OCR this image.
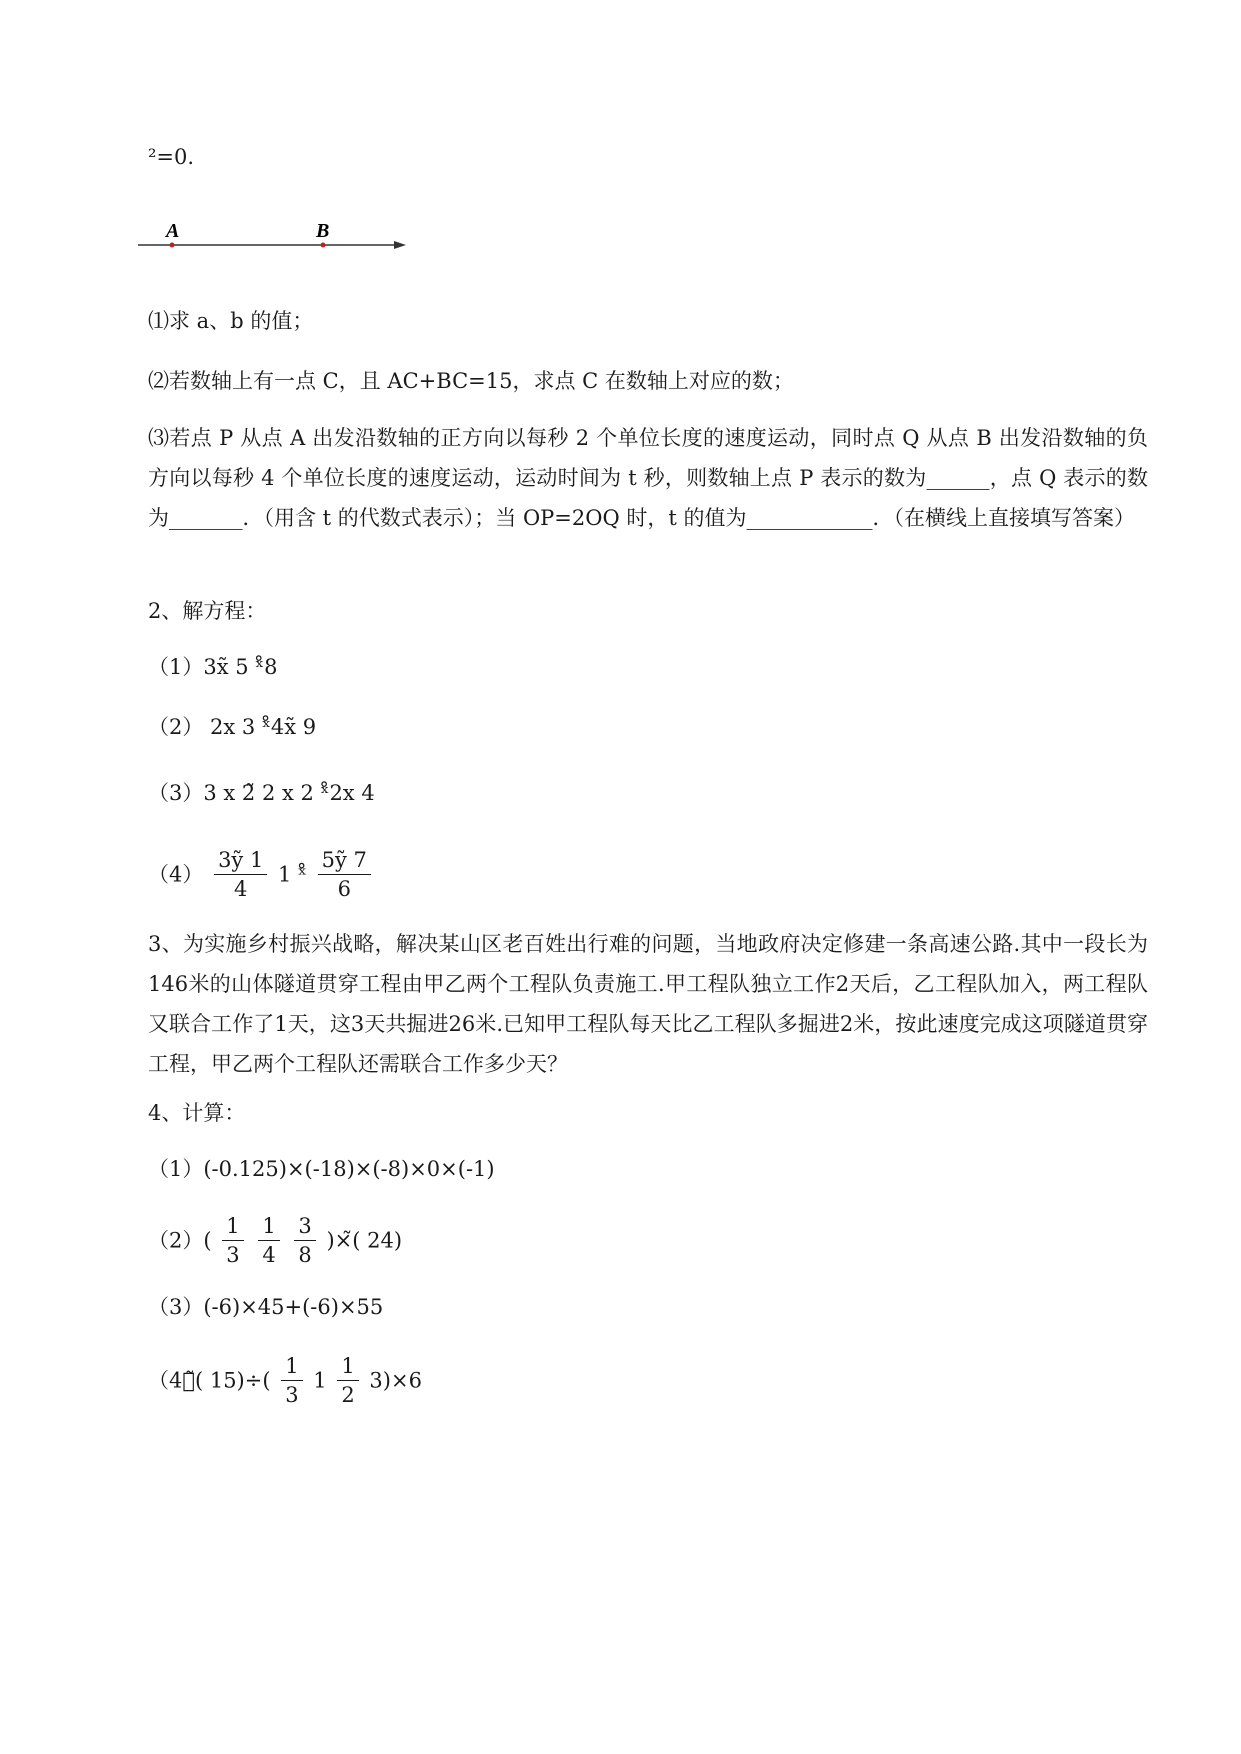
²=0.
A	B
⑴求 a、b 的值；
⑵若数轴上有一点 C，且 AC+BC=15，求点 C 在数轴上对应的数；
⑶若点 P 从点 A 出发沿数轴的正方向以每秒 2 个单位长度的速度运动，同时点 Q 从点 B 出发沿数轴的负方向以每秒 4 个单位长度的速度运动，运动时间为 t 秒，则数轴上点 P 表示的数为______，点 Q 表示的数为_______．（用含 t 的代数式表示）；当 OP=2OQ 时，t 的值为____________．（在横线上直接填写答案）
2、解方程：
（1）3x̃ 5 ˣ̊8
（2） 2x 3 ˣ̊4x̃ 9
（3）3 x 2̃ 2 x 2 ˣ̊2x 4
$(4) \frac{\text{3ỹ 1}}{4} 1$ ˣ̊ $\frac{\text{5ỹ 7}}{6}$
3、为实施乡村振兴战略，解决某山区老百姓出行难的问题，当地政府决定修建一条高速公路.其中一段长为146米的山体隧道贯穿工程由甲乙两个工程队负责施工.甲工程队独立工作2天后，乙工程队加入，两工程队又联合工作了1天，这3天共掘进26米.已知甲工程队每天比乙工程队多掘进2米，按此速度完成这项隧道贯穿工程，甲乙两个工程队还需联合工作多少天？
4、计算：
（1）(-0.125)×(-18)×(-8)×0×(-1)
$(2)( \frac{1}{3}$
$\frac{1}{4}$
$\frac{3}{8}$ )×̃( 24)
（3）(-6)×45+(-6)×55
（4）̃( $15)\div( \frac{1}{3} 1 \frac{1}{2} 3)\times 6$
